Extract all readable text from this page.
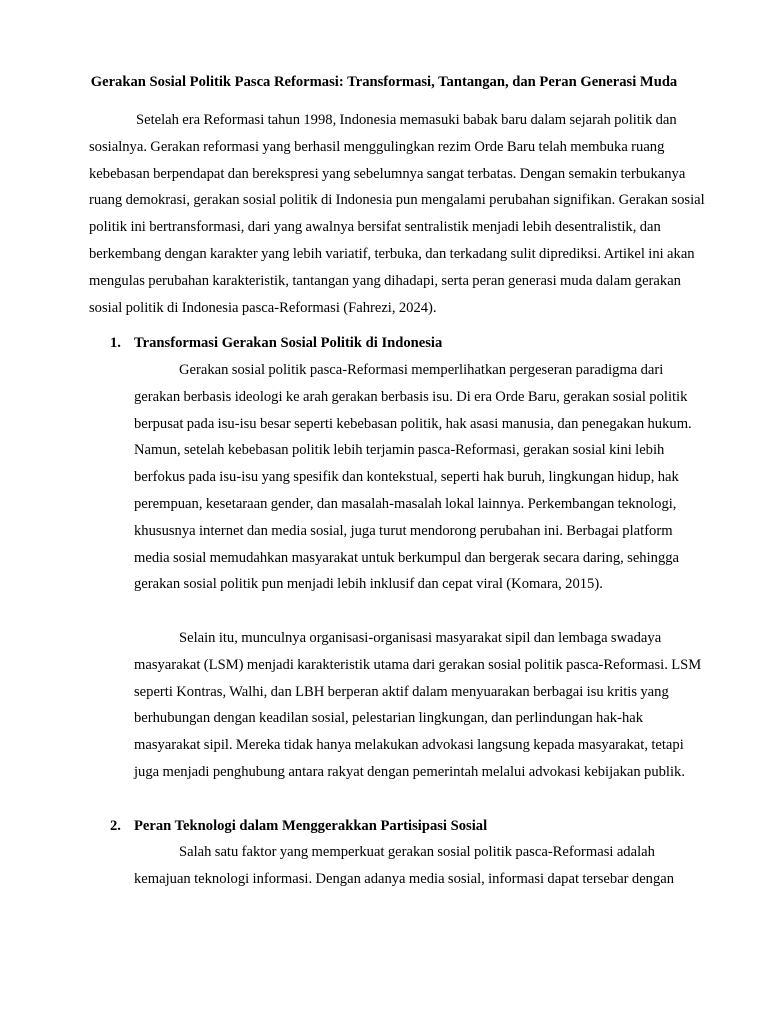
Gerakan Sosial Politik Pasca Reformasi: Transformasi, Tantangan, dan Peran Generasi Muda

Setelah era Reformasi tahun 1998, Indonesia memasuki babak baru dalam sejarah politik dan sosialnya. Gerakan reformasi yang berhasil menggulingkan rezim Orde Baru telah membuka ruang kebebasan berpendapat dan berekspresi yang sebelumnya sangat terbatas. Dengan semakin terbukanya ruang demokrasi, gerakan sosial politik di Indonesia pun mengalami perubahan signifikan. Gerakan sosial politik ini bertransformasi, dari yang awalnya bersifat sentralistik menjadi lebih desentralistik, dan berkembang dengan karakter yang lebih variatif, terbuka, dan terkadang sulit diprediksi. Artikel ini akan mengulas perubahan karakteristik, tantangan yang dihadapi, serta peran generasi muda dalam gerakan sosial politik di Indonesia pasca-Reformasi (Fahrezi, 2024).

1. Transformasi Gerakan Sosial Politik di Indonesia

Gerakan sosial politik pasca-Reformasi memperlihatkan pergeseran paradigma dari gerakan berbasis ideologi ke arah gerakan berbasis isu. Di era Orde Baru, gerakan sosial politik berpusat pada isu-isu besar seperti kebebasan politik, hak asasi manusia, dan penegakan hukum. Namun, setelah kebebasan politik lebih terjamin pasca-Reformasi, gerakan sosial kini lebih berfokus pada isu-isu yang spesifik dan kontekstual, seperti hak buruh, lingkungan hidup, hak perempuan, kesetaraan gender, dan masalah-masalah lokal lainnya. Perkembangan teknologi, khususnya internet dan media sosial, juga turut mendorong perubahan ini. Berbagai platform media sosial memudahkan masyarakat untuk berkumpul dan bergerak secara daring, sehingga gerakan sosial politik pun menjadi lebih inklusif dan cepat viral (Komara, 2015).

Selain itu, munculnya organisasi-organisasi masyarakat sipil dan lembaga swadaya masyarakat (LSM) menjadi karakteristik utama dari gerakan sosial politik pasca-Reformasi. LSM seperti Kontras, Walhi, dan LBH berperan aktif dalam menyuarakan berbagai isu kritis yang berhubungan dengan keadilan sosial, pelestarian lingkungan, dan perlindungan hak-hak masyarakat sipil. Mereka tidak hanya melakukan advokasi langsung kepada masyarakat, tetapi juga menjadi penghubung antara rakyat dengan pemerintah melalui advokasi kebijakan publik.

2. Peran Teknologi dalam Menggerakkan Partisipasi Sosial

Salah satu faktor yang memperkuat gerakan sosial politik pasca-Reformasi adalah kemajuan teknologi informasi. Dengan adanya media sosial, informasi dapat tersebar dengan
